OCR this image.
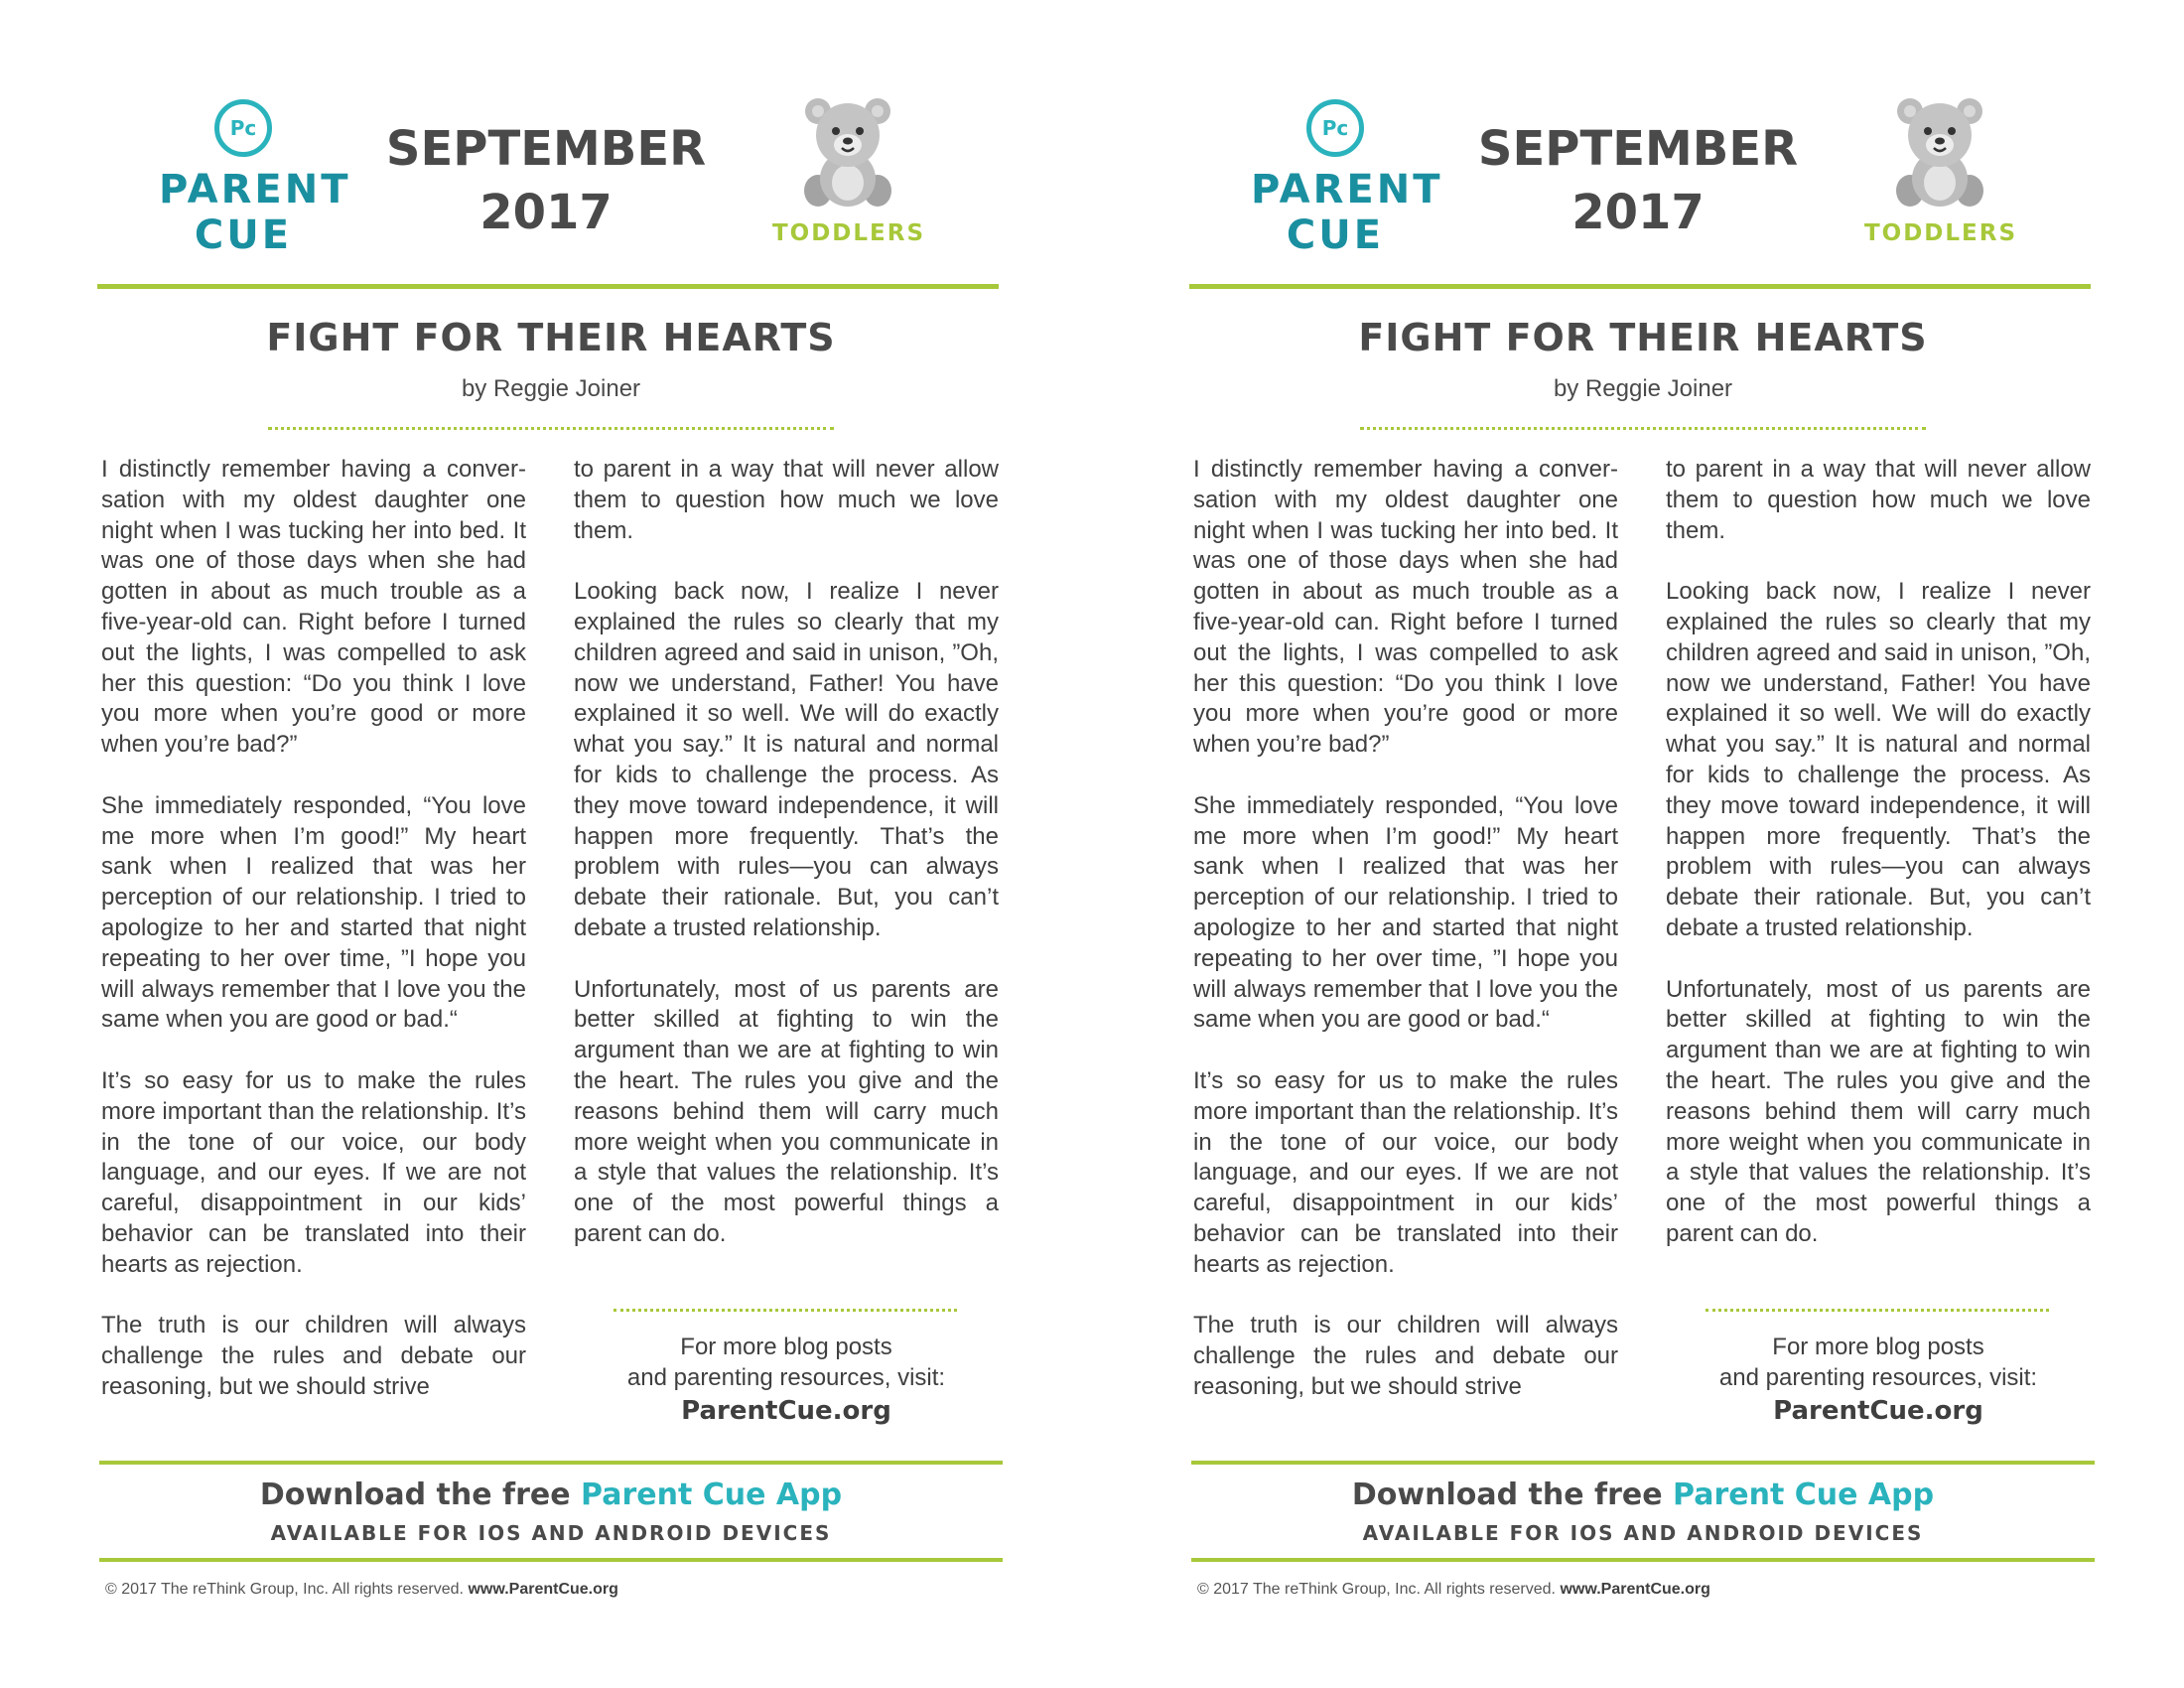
Pc
PARENT
CUE
SEPTEMBER
2017	TODDLERS
FIGHT FOR THEIR HEARTS
by Reggie Joiner

I distinctly remember having a conversation with my oldest daughter one night when I was tucking her into bed. It was one of those days when she had gotten in about as much trouble as a five-year-old can. Right before I turned out the lights, I was compelled to ask her this question: “Do you think I love you more when you’re good or more when you’re bad?”

She immediately responded, “You love me more when I’m good!” My heart sank when I realized that was her perception of our relationship. I tried to apologize to her and started that night repeating to her over time, ”I hope you will always remember that I love you the same when you are good or bad.“

It’s so easy for us to make the rules more important than the relationship. It’s in the tone of our voice, our body language, and our eyes. If we are not careful, disappointment in our kids’ behavior can be translated into their hearts as rejection.

The truth is our children will always challenge the rules and debate our reasoning, but we should strive

to parent in a way that will never allow them to question how much we love them.

Looking back now, I realize I never explained the rules so clearly that my children agreed and said in unison, ”Oh, now we understand, Father! You have explained it so well. We will do exactly what you say.” It is natural and normal for kids to challenge the process. As they move toward independence, it will happen more frequently. That’s the problem with rules—you can always debate their rationale. But, you can’t debate a trusted relationship.

Unfortunately, most of us parents are better skilled at fighting to win the argument than we are at fighting to win the heart. The rules you give and the reasons behind them will carry much more weight when you communicate in a style that values the relationship. It’s one of the most powerful things a parent can do.

For more blog posts
and parenting resources, visit:
ParentCue.org
Download the free Parent Cue App
AVAILABLE FOR IOS AND ANDROID DEVICES
© 2017 The reThink Group, Inc. All rights reserved. www.ParentCue.org
Pc
PARENT
CUE
SEPTEMBER
2017	TODDLERS
FIGHT FOR THEIR HEARTS
by Reggie Joiner

I distinctly remember having a conversation with my oldest daughter one night when I was tucking her into bed. It was one of those days when she had gotten in about as much trouble as a five-year-old can. Right before I turned out the lights, I was compelled to ask her this question: “Do you think I love you more when you’re good or more when you’re bad?”

She immediately responded, “You love me more when I’m good!” My heart sank when I realized that was her perception of our relationship. I tried to apologize to her and started that night repeating to her over time, ”I hope you will always remember that I love you the same when you are good or bad.“

It’s so easy for us to make the rules more important than the relationship. It’s in the tone of our voice, our body language, and our eyes. If we are not careful, disappointment in our kids’ behavior can be translated into their hearts as rejection.

The truth is our children will always challenge the rules and debate our reasoning, but we should strive

to parent in a way that will never allow them to question how much we love them.

Looking back now, I realize I never explained the rules so clearly that my children agreed and said in unison, ”Oh, now we understand, Father! You have explained it so well. We will do exactly what you say.” It is natural and normal for kids to challenge the process. As they move toward independence, it will happen more frequently. That’s the problem with rules—you can always debate their rationale. But, you can’t debate a trusted relationship.

Unfortunately, most of us parents are better skilled at fighting to win the argument than we are at fighting to win the heart. The rules you give and the reasons behind them will carry much more weight when you communicate in a style that values the relationship. It’s one of the most powerful things a parent can do.

For more blog posts
and parenting resources, visit:
ParentCue.org
Download the free Parent Cue App
AVAILABLE FOR IOS AND ANDROID DEVICES
© 2017 The reThink Group, Inc. All rights reserved. www.ParentCue.org
